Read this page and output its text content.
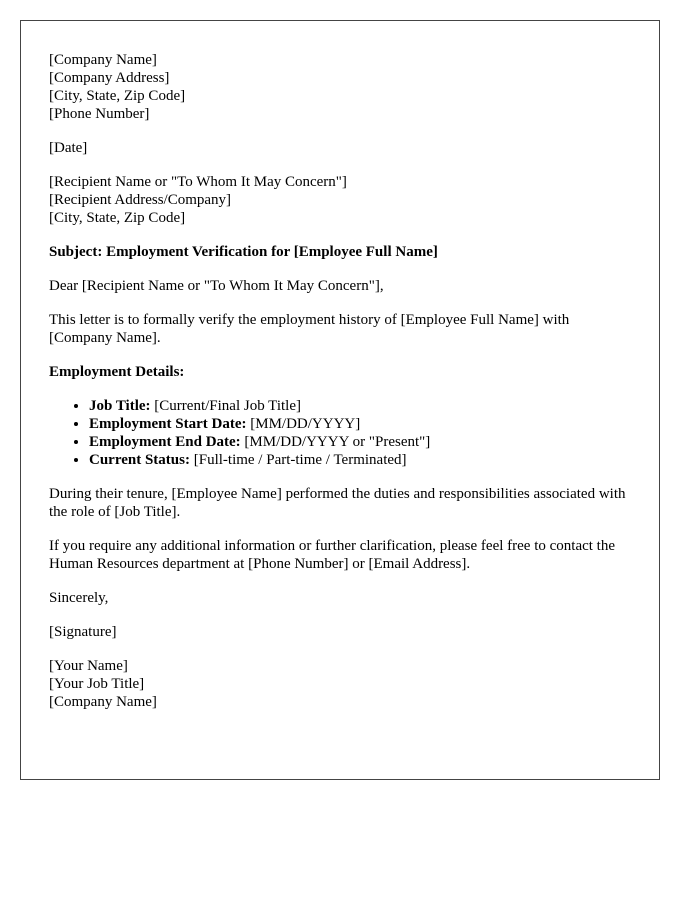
[Company Name]
[Company Address]
[City, State, Zip Code]
[Phone Number]
[Date]
[Recipient Name or "To Whom It May Concern"]
[Recipient Address/Company]
[City, State, Zip Code]

Subject: Employment Verification for [Employee Full Name]

Dear [Recipient Name or "To Whom It May Concern"],

This letter is to formally verify the employment history of [Employee Full Name] with [Company Name].

Employment Details:

• Job Title: [Current/Final Job Title]
• Employment Start Date: [MM/DD/YYYY]
• Employment End Date: [MM/DD/YYYY or "Present"]
• Current Status: [Full-time / Part-time / Terminated]

During their tenure, [Employee Name] performed the duties and responsibilities associated with the role of [Job Title].

If you require any additional information or further clarification, please feel free to contact the Human Resources department at [Phone Number] or [Email Address].

Sincerely,

[Signature]

[Your Name]
[Your Job Title]
[Company Name]
